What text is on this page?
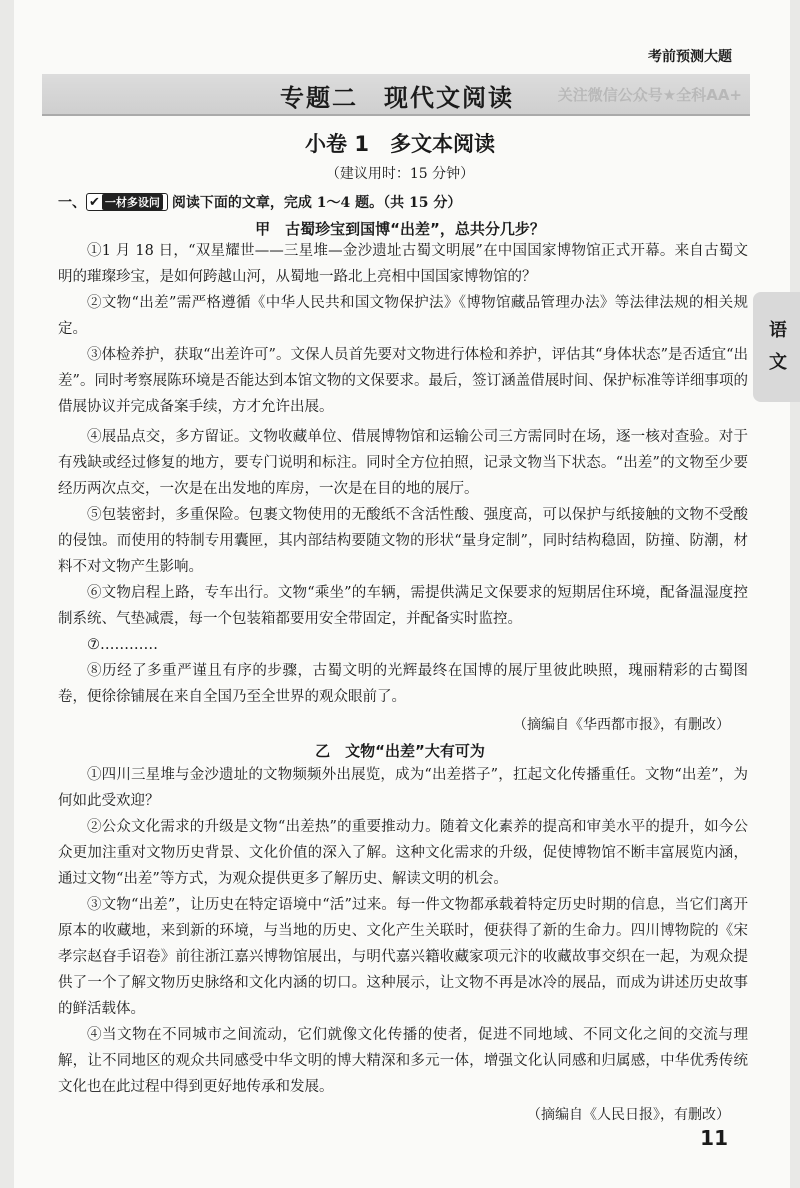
考前预测大题
专题二 现代文阅读	关注微信公众号★全科AA+
小卷 1　多文本阅读
（建议用时：15 分钟）
一、 ✔ 一材多设问 阅读下面的文章，完成 1～4 题。（共 15 分）
甲　古蜀珍宝到国博“出差”，总共分几步？

①1 月 18 日，“双星耀世——三星堆—金沙遗址古蜀文明展”在中国国家博物馆正式开幕。来自古蜀文明的璀璨珍宝，是如何跨越山河，从蜀地一路北上亮相中国国家博物馆的？

②文物“出差”需严格遵循《中华人民共和国文物保护法》《博物馆藏品管理办法》等法律法规的相关规定。

③体检养护，获取“出差许可”。文保人员首先要对文物进行体检和养护，评估其“身体状态”是否适宜“出差”。同时考察展陈环境是否能达到本馆文物的文保要求。最后，签订涵盖借展时间、保护标准等详细事项的借展协议并完成备案手续，方才允许出展。

④展品点交，多方留证。文物收藏单位、借展博物馆和运输公司三方需同时在场，逐一核对查验。对于有残缺或经过修复的地方，要专门说明和标注。同时全方位拍照，记录文物当下状态。“出差”的文物至少要经历两次点交，一次是在出发地的库房，一次是在目的地的展厅。

⑤包装密封，多重保险。包裹文物使用的无酸纸不含活性酸、强度高，可以保护与纸接触的文物不受酸的侵蚀。而使用的特制专用囊匣，其内部结构要随文物的形状“量身定制”，同时结构稳固，防撞、防潮，材料不对文物产生影响。

⑥文物启程上路，专车出行。文物“乘坐”的车辆，需提供满足文保要求的短期居住环境，配备温湿度控制系统、气垫减震，每一个包装箱都要用安全带固定，并配备实时监控。

⑦…………

⑧历经了多重严谨且有序的步骤，古蜀文明的光辉最终在国博的展厅里彼此映照，瑰丽精彩的古蜀图卷，便徐徐铺展在来自全国乃至全世界的观众眼前了。

（摘编自《华西都市报》，有删改）
乙　文物“出差”大有可为

①四川三星堆与金沙遗址的文物频频外出展览，成为“出差搭子”，扛起文化传播重任。文物“出差”，为何如此受欢迎？

②公众文化需求的升级是文物“出差热”的重要推动力。随着文化素养的提高和审美水平的提升，如今公众更加注重对文物历史背景、文化价值的深入了解。这种文化需求的升级，促使博物馆不断丰富展览内涵，通过文物“出差”等方式，为观众提供更多了解历史、解读文明的机会。

③文物“出差”，让历史在特定语境中“活”过来。每一件文物都承载着特定历史时期的信息，当它们离开原本的收藏地，来到新的环境，与当地的历史、文化产生关联时，便获得了新的生命力。四川博物院的《宋孝宗赵昚手诏卷》前往浙江嘉兴博物馆展出，与明代嘉兴籍收藏家项元汴的收藏故事交织在一起，为观众提供了一个了解文物历史脉络和文化内涵的切口。这种展示，让文物不再是冰冷的展品，而成为讲述历史故事的鲜活载体。

④当文物在不同城市之间流动，它们就像文化传播的使者，促进不同地域、不同文化之间的交流与理解，让不同地区的观众共同感受中华文明的博大精深和多元一体，增强文化认同感和归属感，中华优秀传统文化也在此过程中得到更好地传承和发展。

（摘编自《人民日报》，有删改）
语文
11
